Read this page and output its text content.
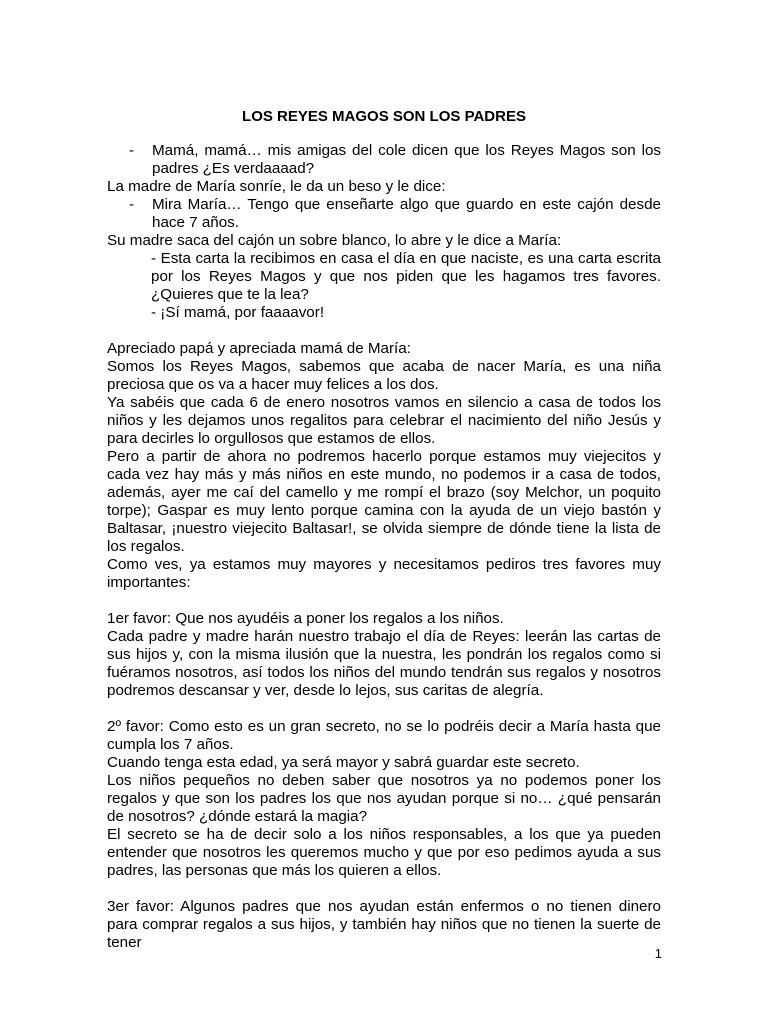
LOS REYES MAGOS SON LOS PADRES

- Mamá, mamá… mis amigas del cole dicen que los Reyes Magos son los padres ¿Es verdaaaad?

La madre de María sonríe, le da un beso y le dice:

- Mira María… Tengo que enseñarte algo que guardo en este cajón desde hace 7 años.

Su madre saca del cajón un sobre blanco, lo abre y le dice a María:

- Esta carta la recibimos en casa el día en que naciste, es una carta escrita por los Reyes Magos y que nos piden que les hagamos tres favores. ¿Quieres que te la lea?

- ¡Sí mamá, por faaaavor!

Apreciado papá y apreciada mamá de María:

Somos los Reyes Magos, sabemos que acaba de nacer María, es una niña preciosa que os va a hacer muy felices a los dos.

Ya sabéis que cada 6 de enero nosotros vamos en silencio a casa de todos los niños y les dejamos unos regalitos para celebrar el nacimiento del niño Jesús y para decirles lo orgullosos que estamos de ellos.

Pero a partir de ahora no podremos hacerlo porque estamos muy viejecitos y cada vez hay más y más niños en este mundo, no podemos ir a casa de todos, además, ayer me caí del camello y me rompí el brazo (soy Melchor, un poquito torpe); Gaspar es muy lento porque camina con la ayuda de un viejo bastón y Baltasar, ¡nuestro viejecito Baltasar!, se olvida siempre de dónde tiene la lista de los regalos.

Como ves, ya estamos muy mayores y necesitamos pediros tres favores muy importantes:

1er favor: Que nos ayudéis a poner los regalos a los niños.

Cada padre y madre harán nuestro trabajo el día de Reyes: leerán las cartas de sus hijos y, con la misma ilusión que la nuestra, les pondrán los regalos como si fuéramos nosotros, así todos los niños del mundo tendrán sus regalos y nosotros podremos descansar y ver, desde lo lejos, sus caritas de alegría.

2º favor: Como esto es un gran secreto, no se lo podréis decir a María hasta que cumpla los 7 años.

Cuando tenga esta edad, ya será mayor y sabrá guardar este secreto.

Los niños pequeños no deben saber que nosotros ya no podemos poner los regalos y que son los padres los que nos ayudan porque si no… ¿qué pensarán de nosotros? ¿dónde estará la magia?

El secreto se ha de decir solo a los niños responsables, a los que ya pueden entender que nosotros les queremos mucho y que por eso pedimos ayuda a sus padres, las personas que más los quieren a ellos.

3er favor: Algunos padres que nos ayudan están enfermos o no tienen dinero para comprar regalos a sus hijos, y también hay niños que no tienen la suerte de tener

1
